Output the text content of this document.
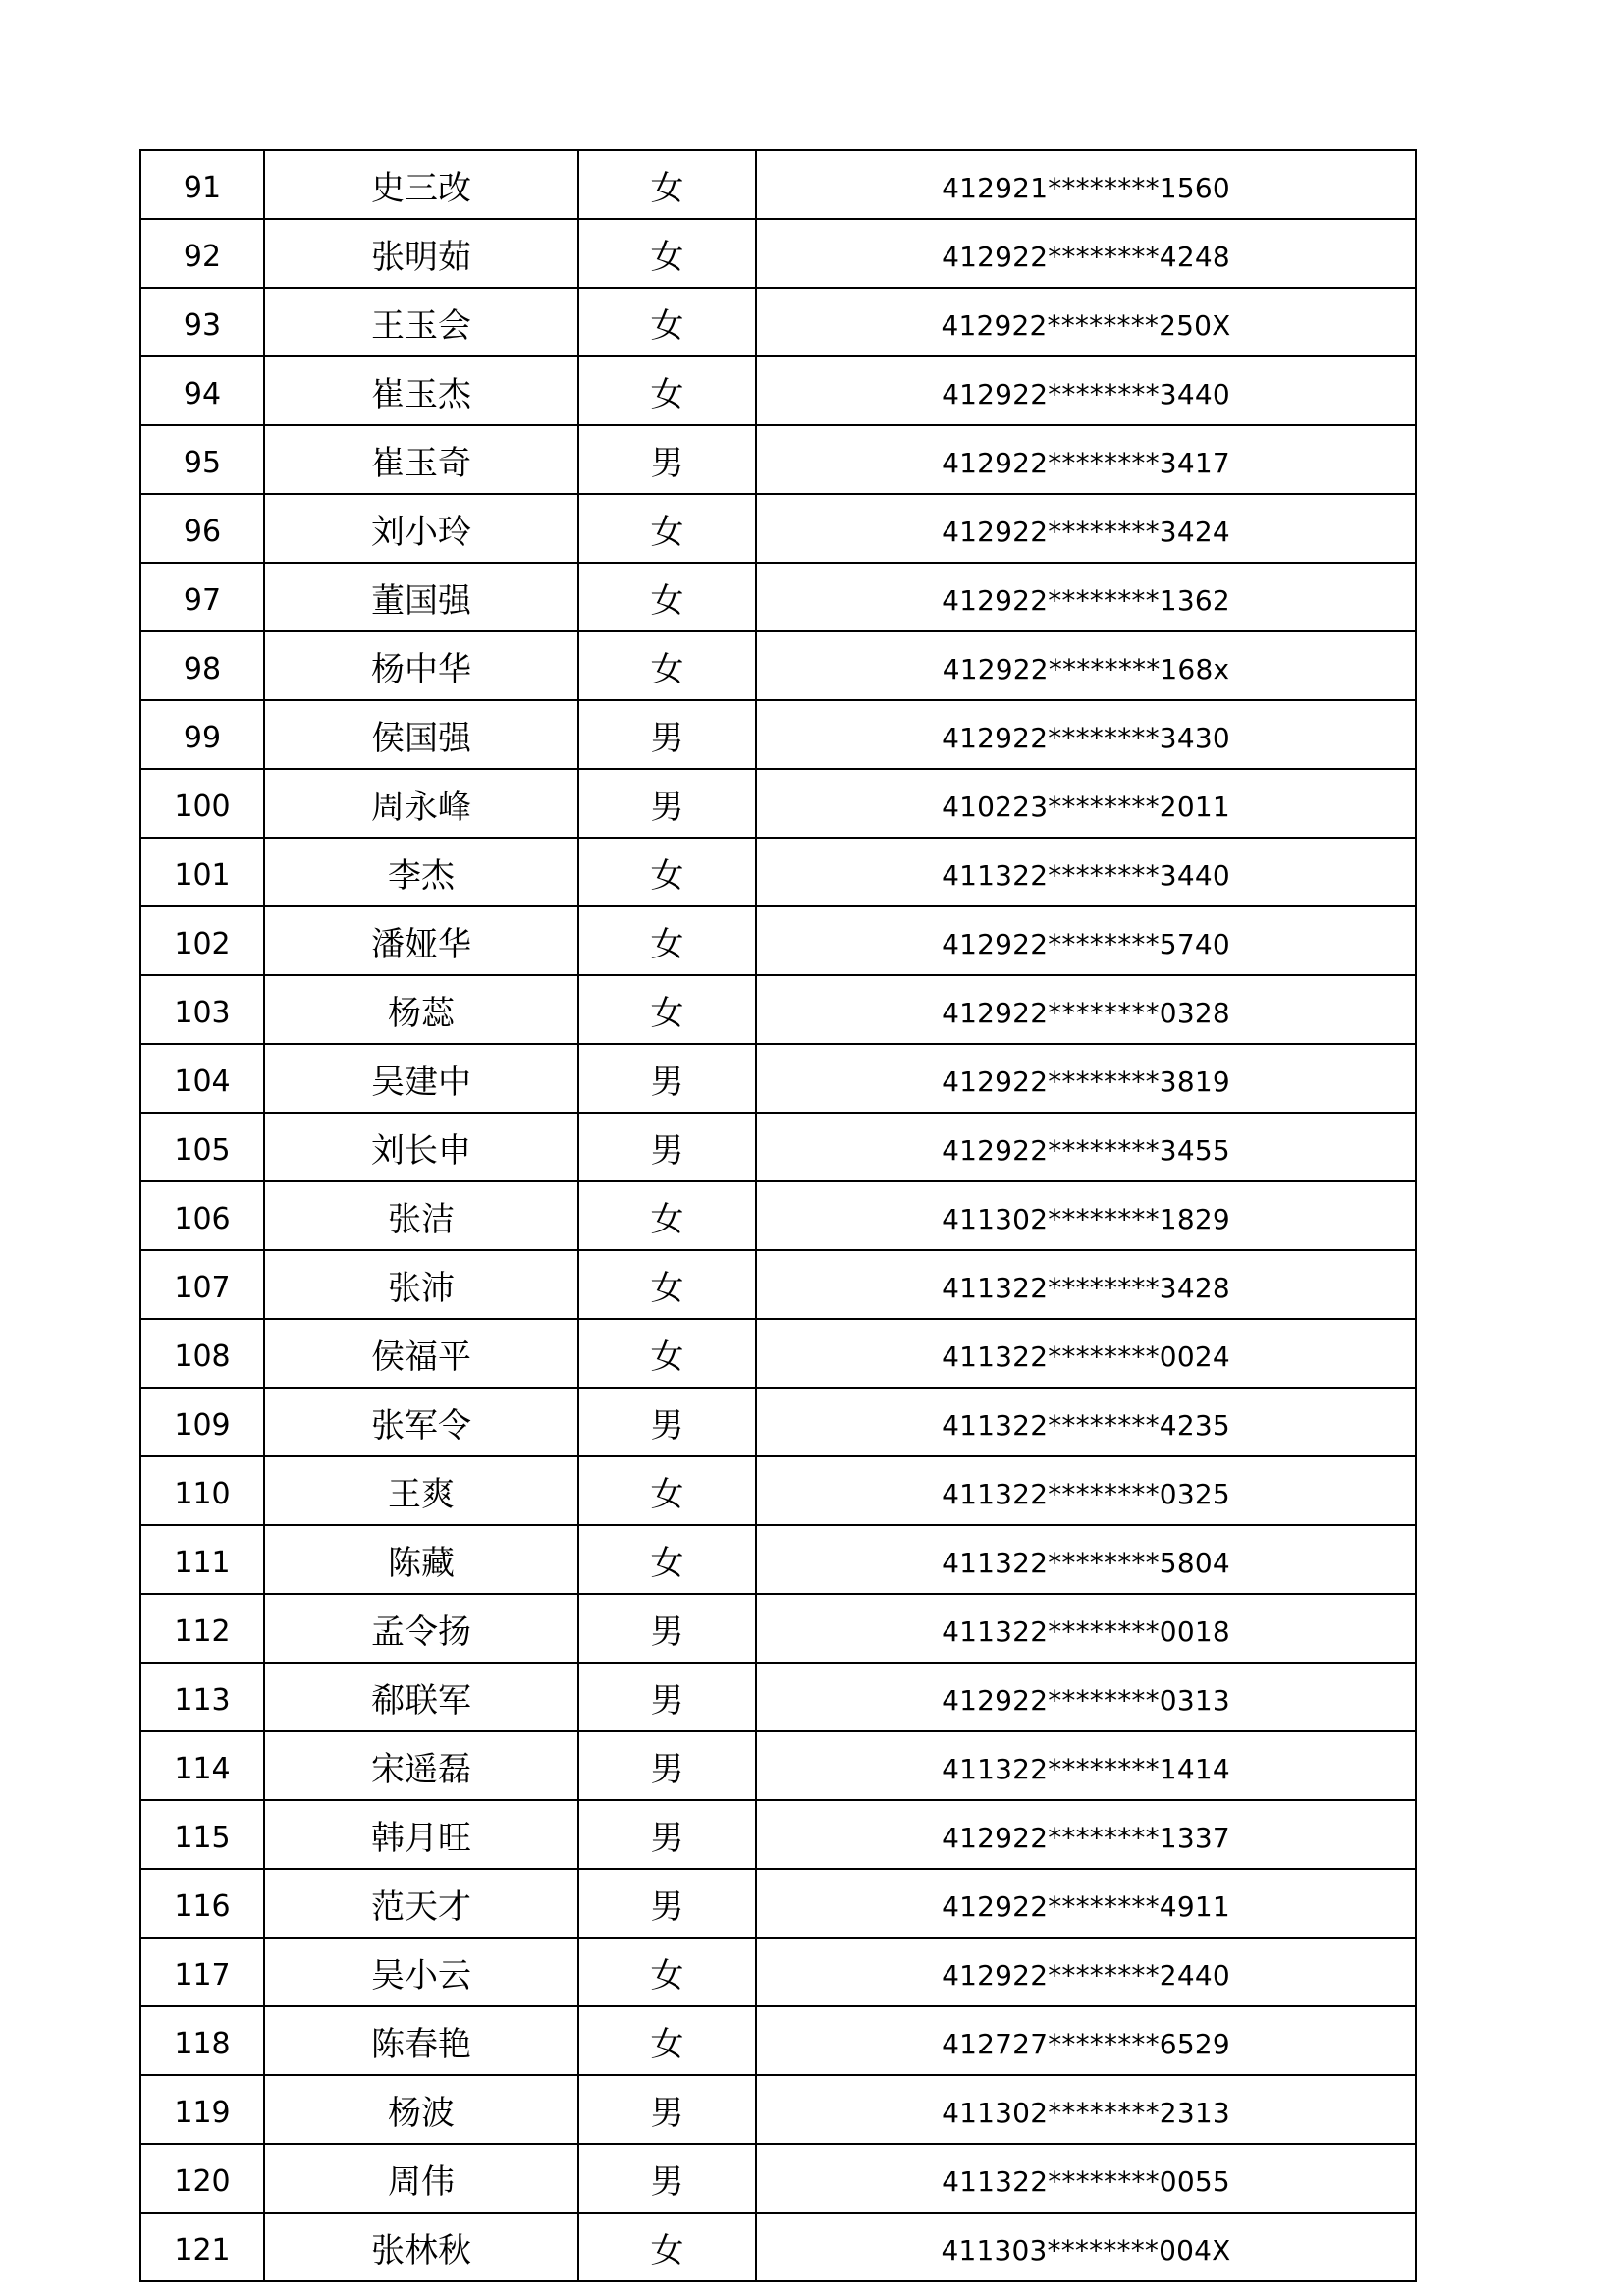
91	史三改	女	412921********1560
92	张明茹	女	412922********4248
93	王玉会	女	412922********250X
94	崔玉杰	女	412922********3440
95	崔玉奇	男	412922********3417
96	刘小玲	女	412922********3424
97	董国强	女	412922********1362
98	杨中华	女	412922********168x
99	侯国强	男	412922********3430
100	周永峰	男	410223********2011
101	李杰	女	411322********3440
102	潘娅华	女	412922********5740
103	杨蕊	女	412922********0328
104	吴建中	男	412922********3819
105	刘长申	男	412922********3455
106	张洁	女	411302********1829
107	张沛	女	411322********3428
108	侯福平	女	411322********0024
109	张军令	男	411322********4235
110	王爽	女	411322********0325
111	陈藏	女	411322********5804
112	孟令扬	男	411322********0018
113	郗联军	男	412922********0313
114	宋遥磊	男	411322********1414
115	韩月旺	男	412922********1337
116	范天才	男	412922********4911
117	吴小云	女	412922********2440
118	陈春艳	女	412727********6529
119	杨波	男	411302********2313
120	周伟	男	411322********0055
121	张林秋	女	411303********004X
